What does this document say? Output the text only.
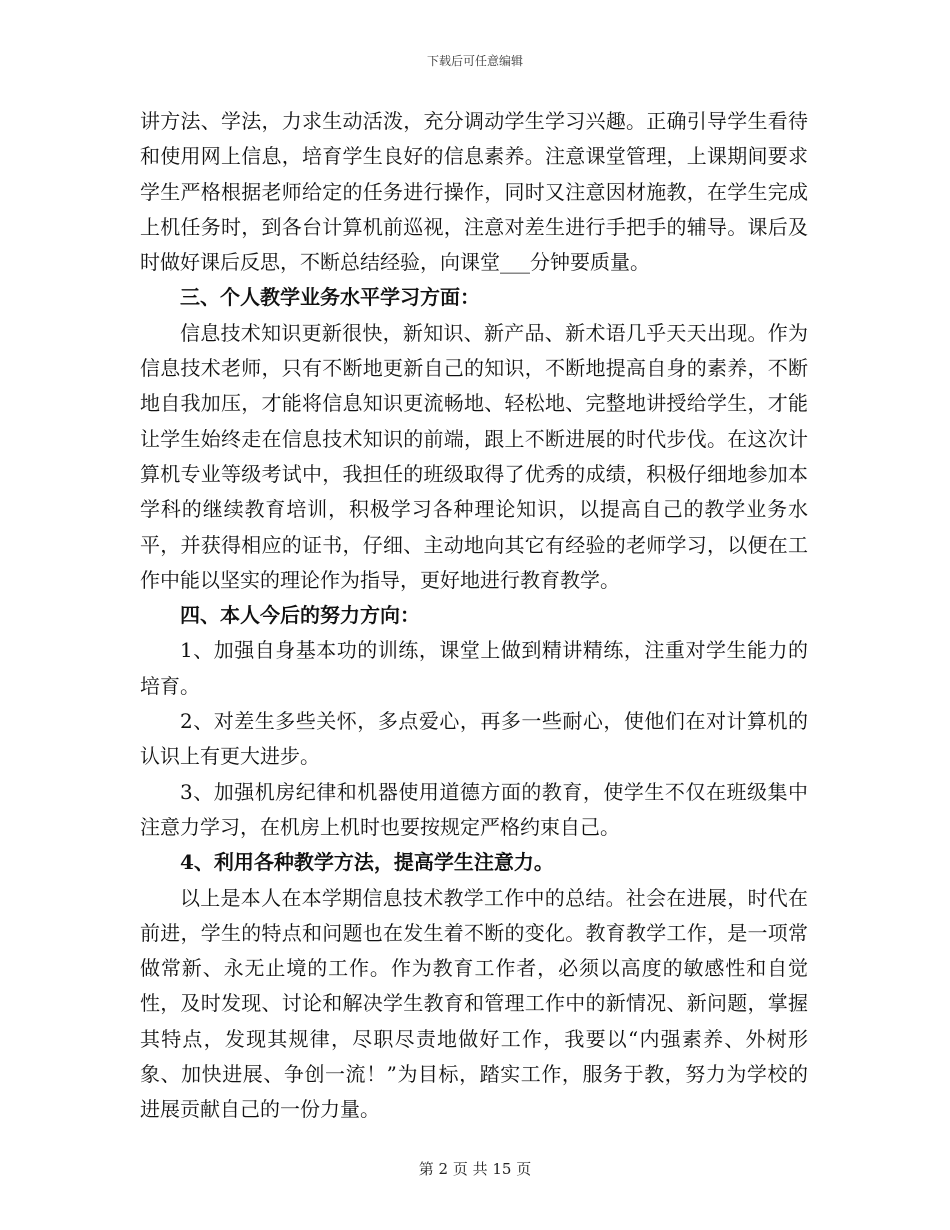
下载后可任意编辑

讲方法、学法，力求生动活泼，充分调动学生学习兴趣。正确引导学生看待和使用网上信息，培育学生良好的信息素养。注意课堂管理，上课期间要求学生严格根据老师给定的任务进行操作，同时又注意因材施教，在学生完成上机任务时，到各台计算机前巡视，注意对差生进行手把手的辅导。课后及时做好课后反思，不断总结经验，向课堂___分钟要质量。

三、个人教学业务水平学习方面：

信息技术知识更新很快，新知识、新产品、新术语几乎天天出现。作为信息技术老师，只有不断地更新自己的知识，不断地提高自身的素养，不断地自我加压，才能将信息知识更流畅地、轻松地、完整地讲授给学生，才能让学生始终走在信息技术知识的前端，跟上不断进展的时代步伐。在这次计算机专业等级考试中，我担任的班级取得了优秀的成绩，积极仔细地参加本学科的继续教育培训，积极学习各种理论知识，以提高自己的教学业务水平，并获得相应的证书，仔细、主动地向其它有经验的老师学习，以便在工作中能以坚实的理论作为指导，更好地进行教育教学。

四、本人今后的努力方向：

1、加强自身基本功的训练，课堂上做到精讲精练，注重对学生能力的培育。

2、对差生多些关怀，多点爱心，再多一些耐心，使他们在对计算机的认识上有更大进步。

3、加强机房纪律和机器使用道德方面的教育，使学生不仅在班级集中注意力学习，在机房上机时也要按规定严格约束自己。

4、利用各种教学方法，提高学生注意力。

以上是本人在本学期信息技术教学工作中的总结。社会在进展，时代在前进，学生的特点和问题也在发生着不断的变化。教育教学工作，是一项常做常新、永无止境的工作。作为教育工作者，必须以高度的敏感性和自觉性，及时发现、讨论和解决学生教育和管理工作中的新情况、新问题，掌握其特点，发现其规律，尽职尽责地做好工作，我要以“内强素养、外树形象、加快进展、争创一流！”为目标，踏实工作，服务于教，努力为学校的进展贡献自己的一份力量。

第 2 页 共 15 页
